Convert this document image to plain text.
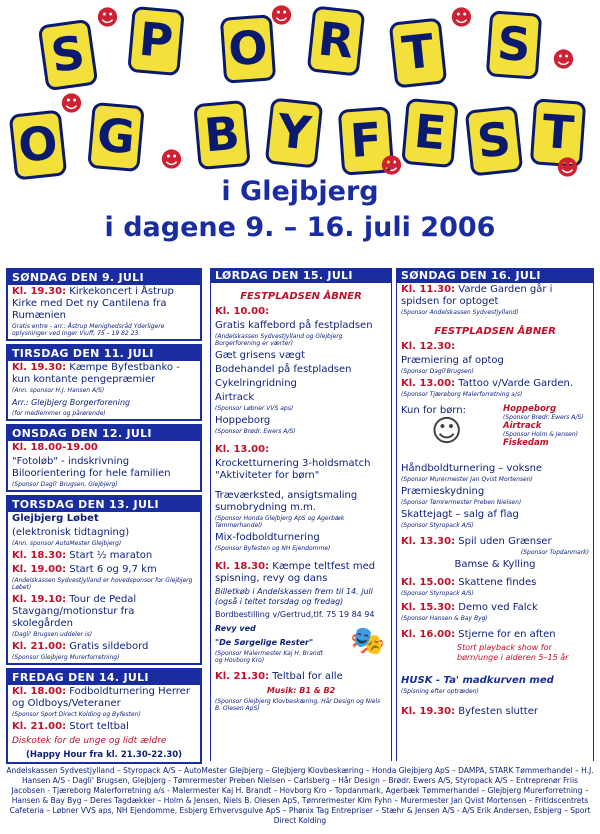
S P O R T S
☻	☻	☻
☻
O G B Y F E S T
☻
☻	☻	☻
i Glejbjerg
i dagene 9. – 16. juli 2006
SØNDAG DEN 9. JULI
Kl. 19.30: Kirkekoncert i Åstrup Kirke med Det ny Cantilena fra Rumænien
Gratis entre - arr.: Åstrup Menighedsråd Yderligere oplysninger ved Inger Viuff, 75 – 19 82 23.
TIRSDAG DEN 11. JULI
Kl. 19.30: Kæmpe Byfestbanko - kun kontante pengepræmier
(Ann. sponsor H.J. Hansen A/S)
Arr.: Glejbjerg Borgerforening
(for medlemmer og pårørende)
ONSDAG DEN 12. JULI
Kl. 18.00-19.00
"Fotoløb" - indskrivning Biloorientering for hele familien
(Sponsor Dagli' Brugsen, Glejbjerg)
TORSDAG DEN 13. JULI
Glejbjerg Løbet
(elektronisk tidtagning)
(Ann. sponsor AutoMester Glejbjerg)
Kl. 18.30: Start ½ maraton
Kl. 19.00: Start 6 og 9,7 km
(Andelskassen Sydvestjylland er hovedsponsor for Glejbjerg Løbet)
Kl. 19.10: Tour de Pedal Stavgang/motionstur fra skolegården
(Dagli' Brugsen uddeler is)
Kl. 21.00: Gratis sildebord
(Sponsor Glejbjerg Murerforretning)
FREDAG DEN 14. JULI
Kl. 18.00: Fodboldturnering Herrer og Oldboys/Veteraner
(Sponsor Sport Direct Kolding og Byfesten)
Kl. 21.00: Stort teltbal
Diskotek for de unge og lidt ældre
(Happy Hour fra kl. 21.30-22.30)
LØRDAG DEN 15. JULI
FESTPLADSEN ÅBNER
Kl. 10.00:
Gratis kaffebord på festpladsen
(Andelskassen Sydvestjylland og Glejbjerg Borgerforening er værter)
Gæt grisens vægt
Bodehandel på festpladsen
Cykelringridning
Airtrack
(Sponsor Løbner VVS aps)
Hoppeborg
(Sponsor Brødr. Ewers A/S)
Kl. 13.00:
Krocketturnering 3-holdsmatch "Aktiviteter for børn"
Træværksted, ansigtsmaling sumobrydning m.m.
(Sponsor Honda Glejbjerg ApS og Agerbæk Tømmerhandel)
Mix-fodboldturnering
(Sponsor Byfesten og NH Ejendomme)
Kl. 18.30: Kæmpe teltfest med spisning, revy og dans
Billetkøb i Andelskassen frem til 14. juli (også i teltet torsdag og fredag)
Bordbestilling v/Gertrud,tlf. 75 19 84 94
Revy ved
"De Sørgelige Rester"
(Sponsor Malermester Kaj H. Brandt og Hovborg Kro)
🎭
Kl. 21.30: Teltbal for alle
Musik: B1 & B2
(Sponsor Glejbjerg Klovbeskæring, Hår Design og Niels B. Olesen ApS)
SØNDAG DEN 16. JULI
Kl. 11.30: Varde Garden går i spidsen for optoget
(Sponsor Andelskassen Sydvestjylland)
FESTPLADSEN ÅBNER
Kl. 12.30:
Præmiering af optog
(Sponsor Dagli'Brugsen)
Kl. 13.00: Tattoo v/Varde Garden.
(Sponsor Tjæreborg Malerforretning a/s)
Kun for børn:
☺
Hoppeborg
(Sponsor Brødr. Ewers A/S)
Airtrack
(Sponsor Holm & Jensen)
Fiskedam
Håndboldturnering – voksne
(Sponsor Murermester Jan Qvist Mortensen)
Præmieskydning
(Sponsor Tømrermester Preben Nielsen)
Skattejagt – salg af flag
(Sponsor Styropack A/S)
Kl. 13.30: Spil uden Grænser
(Sponsor Topdanmark)
Bamse & Kylling
Kl. 15.00: Skattene findes
(Sponsor Styropack A/S)
Kl. 15.30: Demo ved Falck
(Sponsor Hansen & Bay Byg)
Kl. 16.00: Stjerne for en aften
Stort playback show for børn/unge i alderen 5–15 år
HUSK - Ta' madkurven med
(Spisning efter optræden)
Kl. 19.30: Byfesten slutter
Andelskassen Sydvestjylland – Styropack A/S – AutoMester Glejbjerg – Glejbjerg Klovbeskæring – Honda Glejbjerg ApS – DAMPA, STARK Tømmerhandel – H.J. Hansen A/S - Dagli' Brugsen, Glejbjerg - Tømrermester Preben Nielsen – Carlsberg – Hår Design – Brødr. Ewers A/S, Styropack A/S – Entreprenør Friis Jacobsen - Tjæreborg Malerforretning a/s - Malermester Kaj H. Brandt – Hovborg Kro – Topdanmark, Agerbæk Tømmerhandel – Glejbjerg Murerforretning – Hansen & Bay Byg – Deres Tagdækker – Holm & Jensen, Niels B. Olesen ApS, Tømrermester Kim Fyhn – Murermester Jan Qvist Mortensen – Fritidscentrets Cafeteria – Løbner VVS aps, NH Ejendomme, Esbjerg Erhvervsgulve ApS – Phønix Tag Entrepriser – Stæhr & Jensen A/S - A/S Erik Andersen, Esbjerg – Sport Direct Kolding
